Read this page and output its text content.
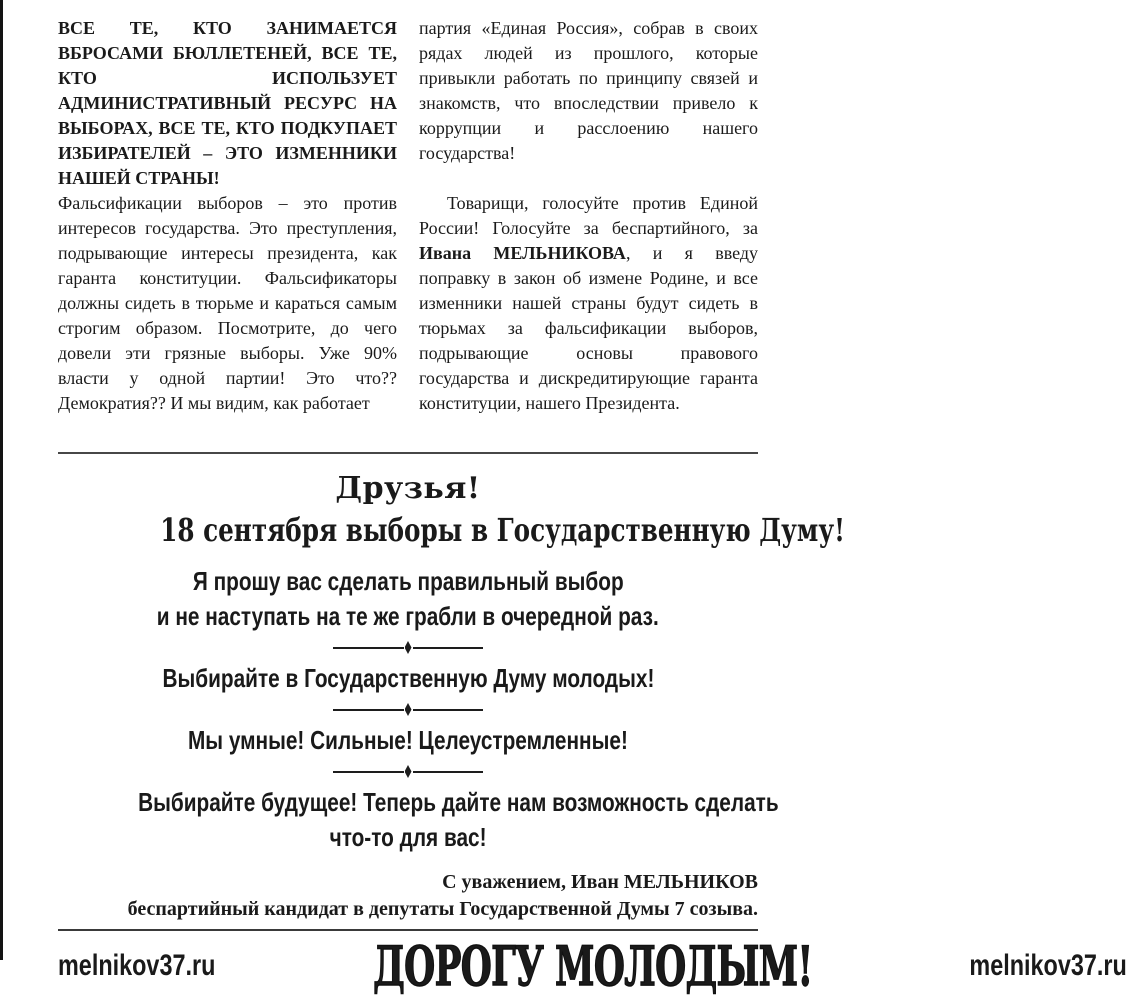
ВСЕ ТЕ, КТО ЗАНИМАЕТСЯ ВБРОСАМИ БЮЛЛЕТЕНЕЙ, ВСЕ ТЕ, КТО ИСПОЛЬЗУЕТ АДМИНИСТРАТИВНЫЙ РЕСУРС НА ВЫБОРАХ, ВСЕ ТЕ, КТО ПОДКУПАЕТ ИЗБИРАТЕЛЕЙ – ЭТО ИЗМЕННИКИ НАШЕЙ СТРАНЫ!
Фальсификации выборов – это против интересов государства. Это преступления, подрывающие интересы президента, как гаранта конституции. Фальсификаторы должны сидеть в тюрьме и караться самым строгим образом. Посмотрите, до чего довели эти грязные выборы. Уже 90% власти у одной партии! Это что?? Демократия?? И мы видим, как работает
партия «Единая Россия», собрав в своих рядах людей из прошлого, которые привыкли работать по принципу связей и знакомств, что впоследствии привело к коррупции и расслоению нашего государства!
Товарищи, голосуйте против Единой России! Голосуйте за беспартийного, за Ивана МЕЛЬНИКОВА, и я введу поправку в закон об измене Родине, и все изменники нашей страны будут сидеть в тюрьмах за фальсификации выборов, подрывающие основы правового государства и дискредитирующие гаранта конституции, нашего Президента.
Друзья!
18 сентября выборы в Государственную Думу!
Я прошу вас сделать правильный выбор
и не наступать на те же грабли в очередной раз.
Выбирайте в Государственную Думу молодых!
Мы умные! Сильные! Целеустремленные!
Выбирайте будущее! Теперь дайте нам возможность сделать
что-то для вас!
С уважением, Иван МЕЛЬНИКОВ
беспартийный кандидат в депутаты Государственной Думы 7 созыва.
melnikov37.ru	ДОРОГУ МОЛОДЫМ!	melnikov37.ru
